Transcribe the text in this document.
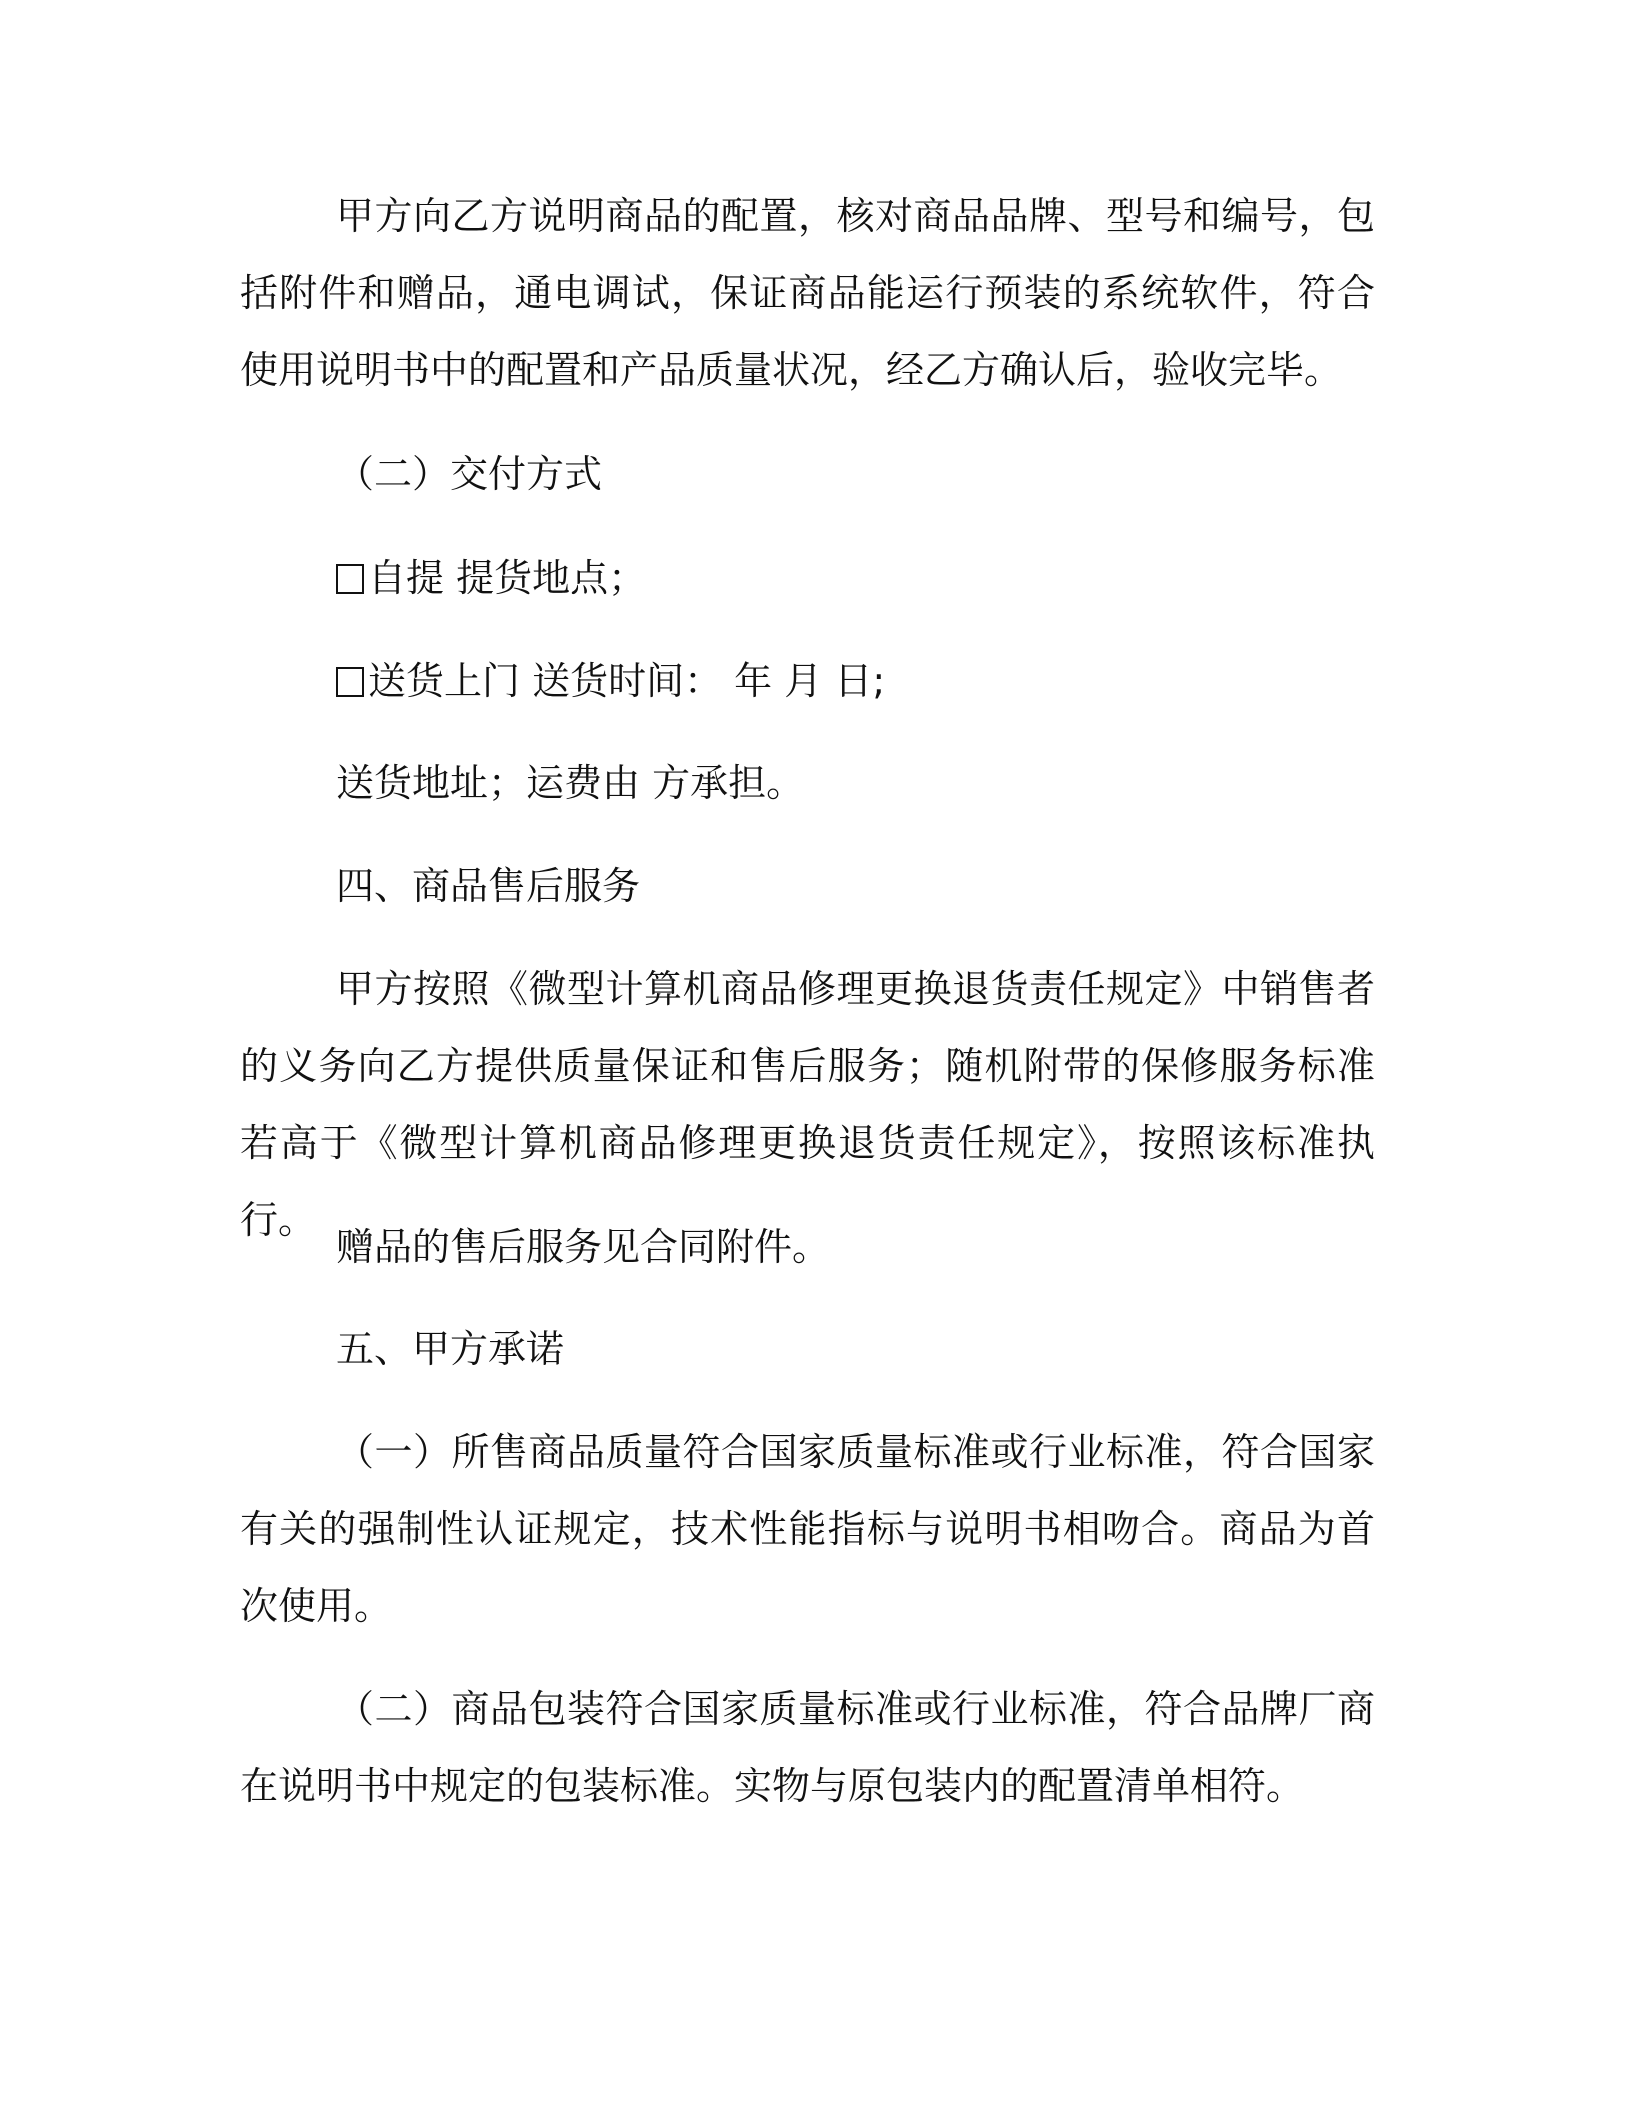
甲方向乙方说明商品的配置，核对商品品牌、型号和编号，包括附件和赠品，通电调试，保证商品能运行预装的系统软件，符合使用说明书中的配置和产品质量状况，经乙方确认后，验收完毕。

（二）交付方式

自提 提货地点；

送货上门 送货时间： 年 月 日;

送货地址；运费由 方承担。

四、商品售后服务

甲方按照《微型计算机商品修理更换退货责任规定》中销售者的义务向乙方提供质量保证和售后服务；随机附带的保修服务标准若高于《微型计算机商品修理更换退货责任规定》，按照该标准执行。

赠品的售后服务见合同附件。

五、甲方承诺

（一）所售商品质量符合国家质量标准或行业标准，符合国家有关的强制性认证规定，技术性能指标与说明书相吻合。商品为首次使用。

（二）商品包装符合国家质量标准或行业标准，符合品牌厂商在说明书中规定的包装标准。实物与原包装内的配置清单相符。
